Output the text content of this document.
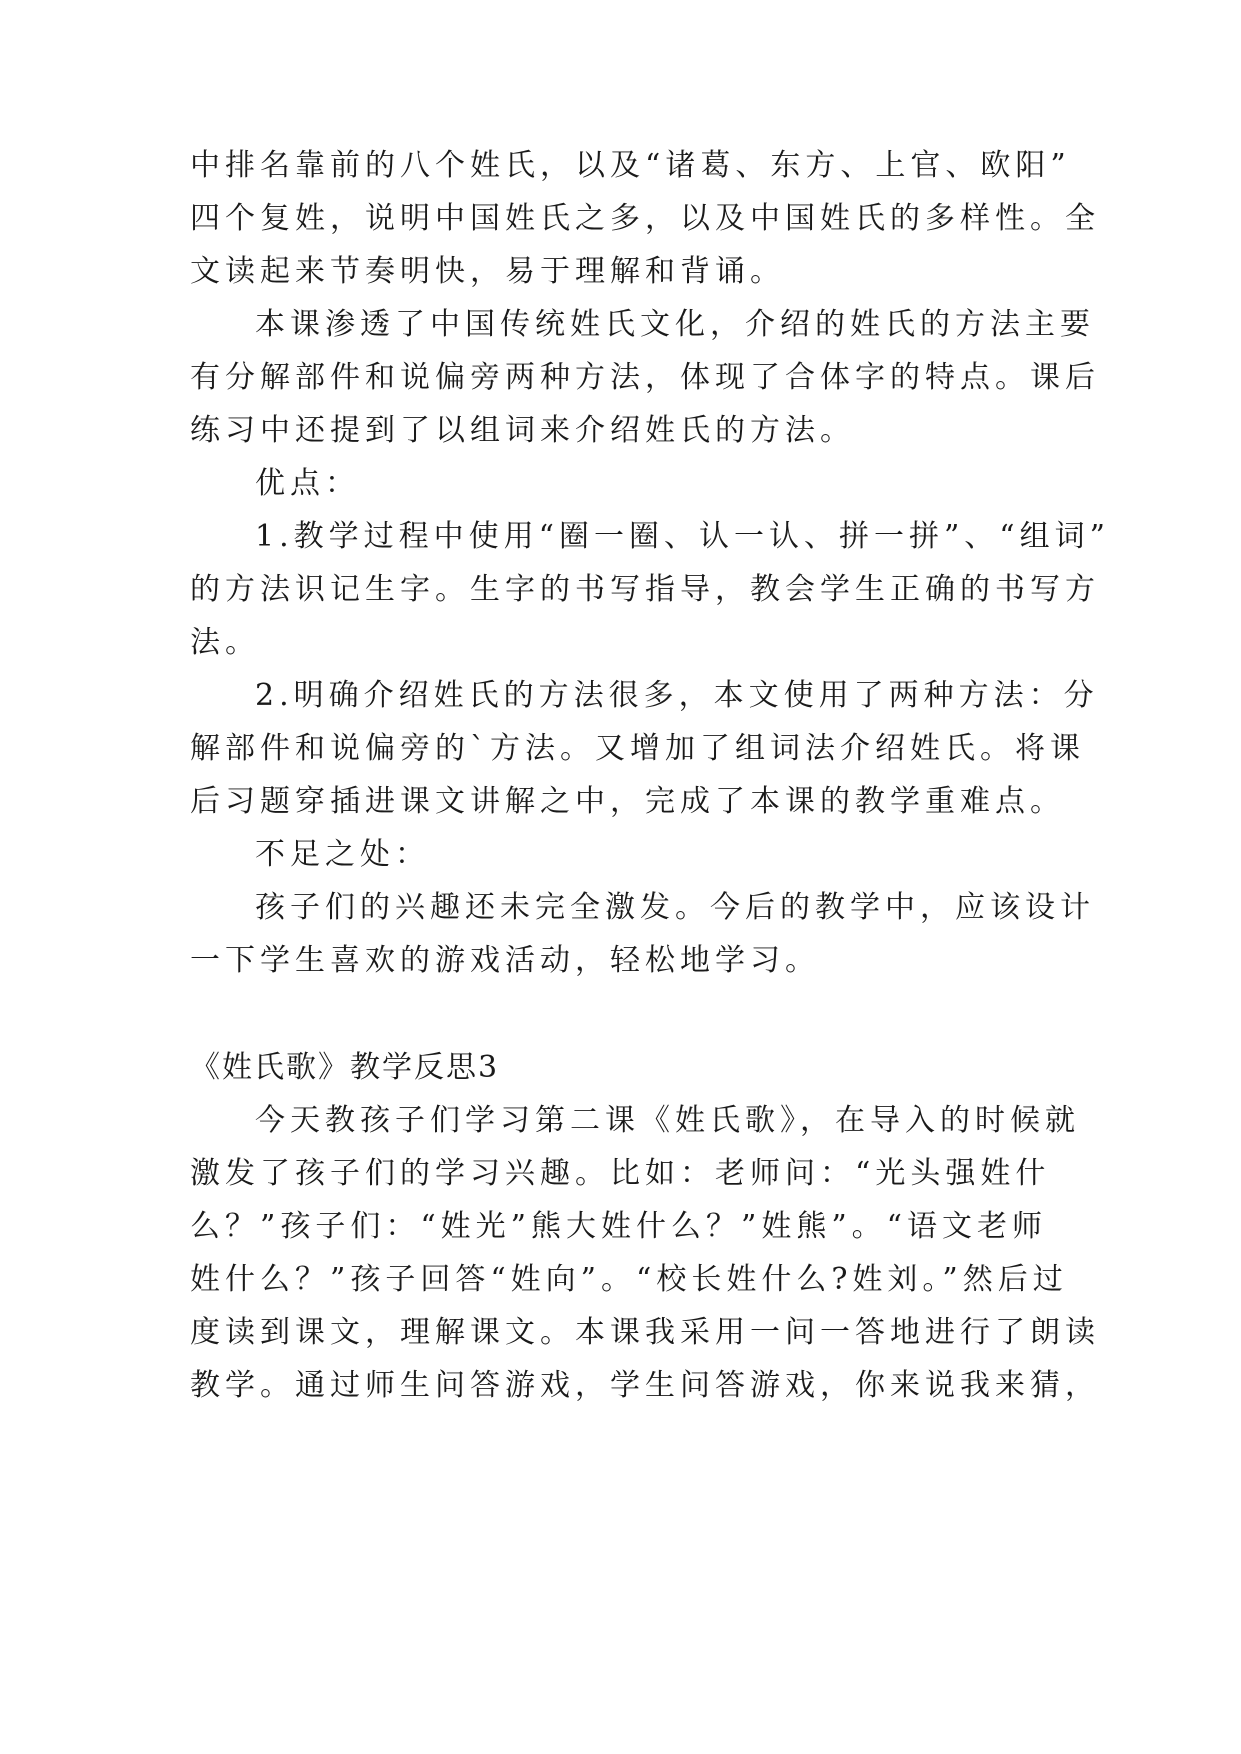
中排名靠前的八个姓氏，以及“诸葛、东方、上官、欧阳”
四个复姓，说明中国姓氏之多，以及中国姓氏的多样性。全
文读起来节奏明快，易于理解和背诵。
本课渗透了中国传统姓氏文化，介绍的姓氏的方法主要
有分解部件和说偏旁两种方法，体现了合体字的特点。课后
练习中还提到了以组词来介绍姓氏的方法。
优点：
1.教学过程中使用“圈一圈、认一认、拼一拼”、“组词”
的方法识记生字。生字的书写指导，教会学生正确的书写方
法。
2.明确介绍姓氏的方法很多，本文使用了两种方法：分
解部件和说偏旁的`方法。又增加了组词法介绍姓氏。将课
后习题穿插进课文讲解之中，完成了本课的教学重难点。
不足之处：
孩子们的兴趣还未完全激发。今后的教学中，应该设计
一下学生喜欢的游戏活动，轻松地学习。
《姓氏歌》教学反思3
今天教孩子们学习第二课《姓氏歌》，在导入的时候就
激发了孩子们的学习兴趣。比如：老师问：“光头强姓什
么？”孩子们：“姓光”熊大姓什么？”姓熊”。“语文老师
姓什么？”孩子回答“姓向”。“校长姓什么?姓刘。”然后过
度读到课文，理解课文。本课我采用一问一答地进行了朗读
教学。通过师生问答游戏，学生问答游戏，你来说我来猜，
